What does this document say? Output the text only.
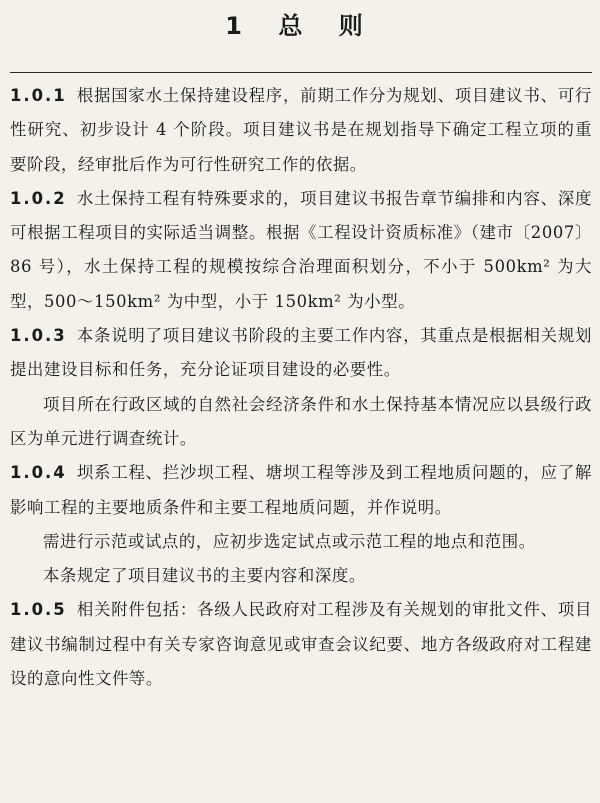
1 总 则

1.0.1 根据国家水土保持建设程序，前期工作分为规划、项目建议书、可行性研究、初步设计 4 个阶段。项目建议书是在规划指导下确定工程立项的重要阶段，经审批后作为可行性研究工作的依据。

1.0.2 水土保持工程有特殊要求的，项目建议书报告章节编排和内容、深度可根据工程项目的实际适当调整。根据《工程设计资质标准》（建市〔2007〕86 号），水土保持工程的规模按综合治理面积划分，不小于 500km² 为大型，500～150km² 为中型，小于 150km² 为小型。

1.0.3 本条说明了项目建议书阶段的主要工作内容，其重点是根据相关规划提出建设目标和任务，充分论证项目建设的必要性。

项目所在行政区域的自然社会经济条件和水土保持基本情况应以县级行政区为单元进行调查统计。

1.0.4 坝系工程、拦沙坝工程、塘坝工程等涉及到工程地质问题的，应了解影响工程的主要地质条件和主要工程地质问题，并作说明。

需进行示范或试点的，应初步选定试点或示范工程的地点和范围。

本条规定了项目建议书的主要内容和深度。

1.0.5 相关附件包括：各级人民政府对工程涉及有关规划的审批文件、项目建议书编制过程中有关专家咨询意见或审查会议纪要、地方各级政府对工程建设的意向性文件等。
